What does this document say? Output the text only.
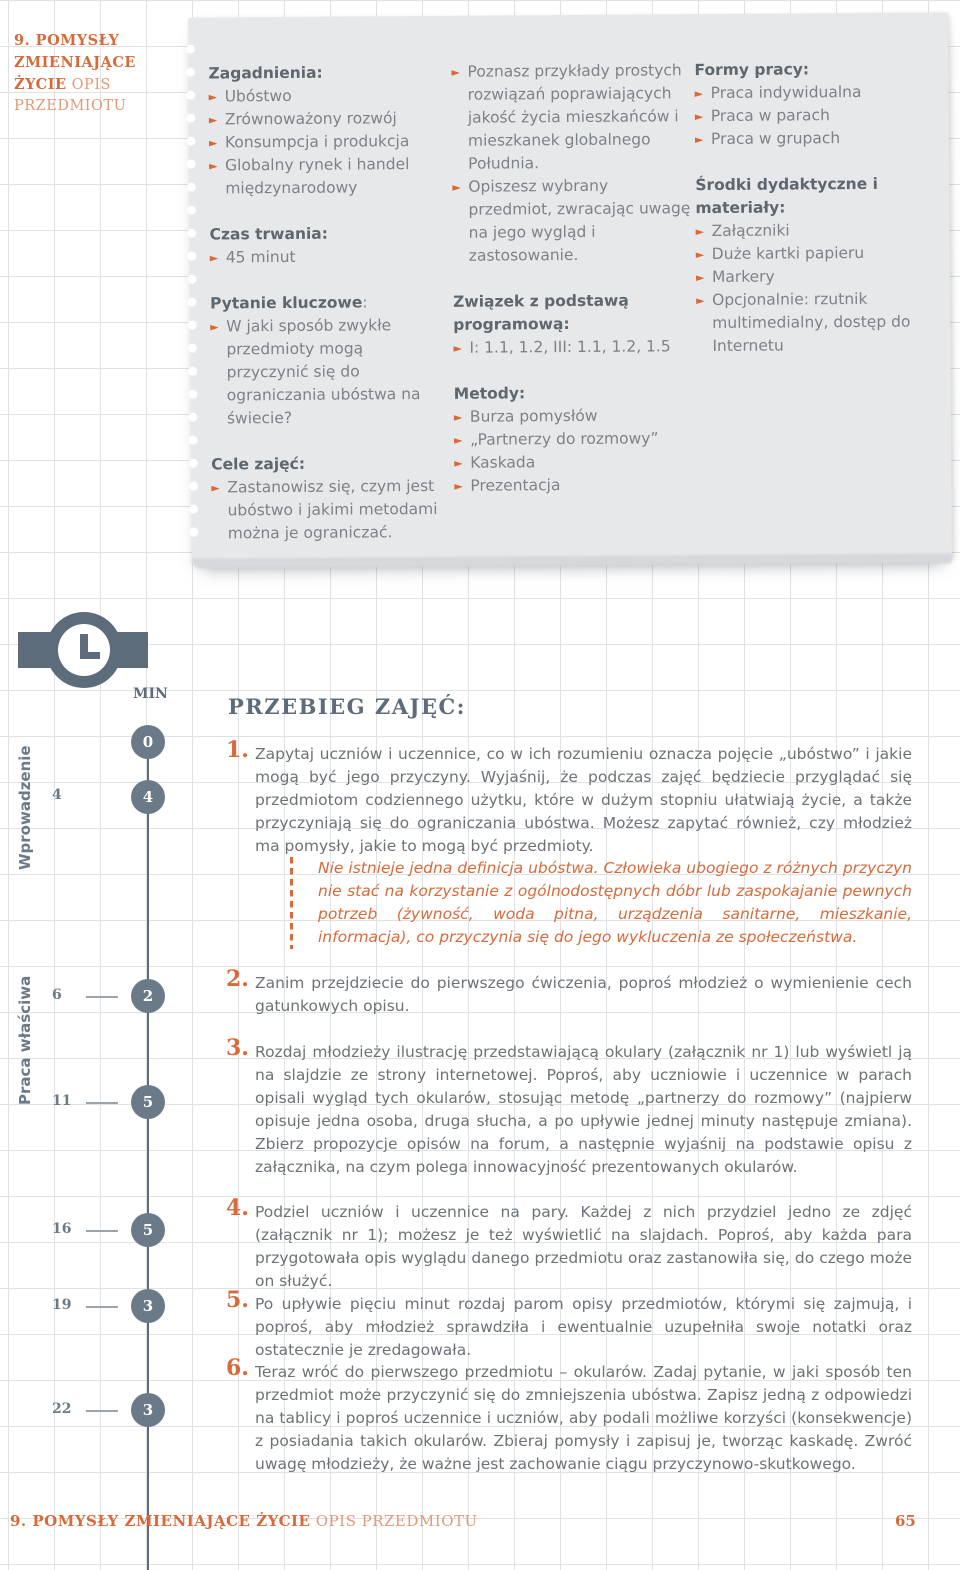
9. POMYSŁY ZMIENIAJĄCE ŻYCIE OPIS PRZEDMIOTU
Zagadnienia:
► Ubóstwo
► Zrównoważony rozwój
► Konsumpcja i produkcja
► Globalny rynek i handel międzynarodowy
Czas trwania:
► 45 minut
Pytanie kluczowe:
► W jaki sposób zwykłe przedmioty mogą przyczynić się do ograniczania ubóstwa na świecie?
Cele zajęć:
► Zastanowisz się, czym jest ubóstwo i jakimi metodami można je ograniczać.
► Poznasz przykłady prostych rozwiązań poprawiających jakość życia mieszkańców i mieszkanek globalnego Południa.
► Opiszesz wybrany przedmiot, zwracając uwagę na jego wygląd i zastosowanie.
Związek z podstawą programową:
► I: 1.1, 1.2, III: 1.1, 1.2, 1.5
Metody:
► Burza pomysłów
► „Partnerzy do rozmowy”
► Kaskada
► Prezentacja
Formy pracy:
► Praca indywidualna
► Praca w parach
► Praca w grupach
Środki dydaktyczne i materiały:
► Załączniki
► Duże kartki papieru
► Markery
► Opcjonalnie: rzutnik multimedialny, dostęp do Internetu
MIN
Wprowadzenie
Praca właściwa
0
4	4
6	2
11	5
16	5
19	3
22	3
PRZEBIEG ZAJĘĆ:
1. Zapytaj uczniów i uczennice, co w ich rozumieniu oznacza pojęcie „ubóstwo” i jakie mogą być jego przyczyny. Wyjaśnij, że podczas zajęć będziecie przyglądać się przedmiotom codziennego użytku, które w dużym stopniu ułatwiają życie, a także przyczyniają się do ograniczania ubóstwa. Możesz zapytać również, czy młodzież ma pomysły, jakie to mogą być przedmioty.
Nie istnieje jedna definicja ubóstwa. Człowieka ubogiego z różnych przyczyn nie stać na korzystanie z ogólnodostępnych dóbr lub zaspokajanie pewnych potrzeb (żywność, woda pitna, urządzenia sanitarne, mieszkanie, informacja), co przyczynia się do jego wykluczenia ze społeczeństwa.
2. Zanim przejdziecie do pierwszego ćwiczenia, poproś młodzież o wymienienie cech gatunkowych opisu.
3. Rozdaj młodzieży ilustrację przedstawiającą okulary (załącznik nr 1) lub wyświetl ją na slajdzie ze strony internetowej. Poproś, aby uczniowie i uczennice w parach opisali wygląd tych okularów, stosując metodę „partnerzy do rozmowy” (najpierw opisuje jedna osoba, druga słucha, a po upływie jednej minuty następuje zmiana). Zbierz propozycje opisów na forum, a następnie wyjaśnij na podstawie opisu z załącznika, na czym polega innowacyjność prezentowanych okularów.
4. Podziel uczniów i uczennice na pary. Każdej z nich przydziel jedno ze zdjęć (załącznik nr 1); możesz je też wyświetlić na slajdach. Poproś, aby każda para przygotowała opis wyglądu danego przedmiotu oraz zastanowiła się, do czego może on służyć.
5. Po upływie pięciu minut rozdaj parom opisy przedmiotów, którymi się zajmują, i poproś, aby młodzież sprawdziła i ewentualnie uzupełniła swoje notatki oraz ostatecznie je zredagowała.
6. Teraz wróć do pierwszego przedmiotu – okularów. Zadaj pytanie, w jaki sposób ten przedmiot może przyczynić się do zmniejszenia ubóstwa. Zapisz jedną z odpowiedzi na tablicy i poproś uczennice i uczniów, aby podali możliwe korzyści (konsekwencje) z posiadania takich okularów. Zbieraj pomysły i zapisuj je, tworząc kaskadę. Zwróć uwagę młodzieży, że ważne jest zachowanie ciągu przyczynowo-skutkowego.
9. POMYSŁY ZMIENIAJĄCE ŻYCIE OPIS PRZEDMIOTU	65
